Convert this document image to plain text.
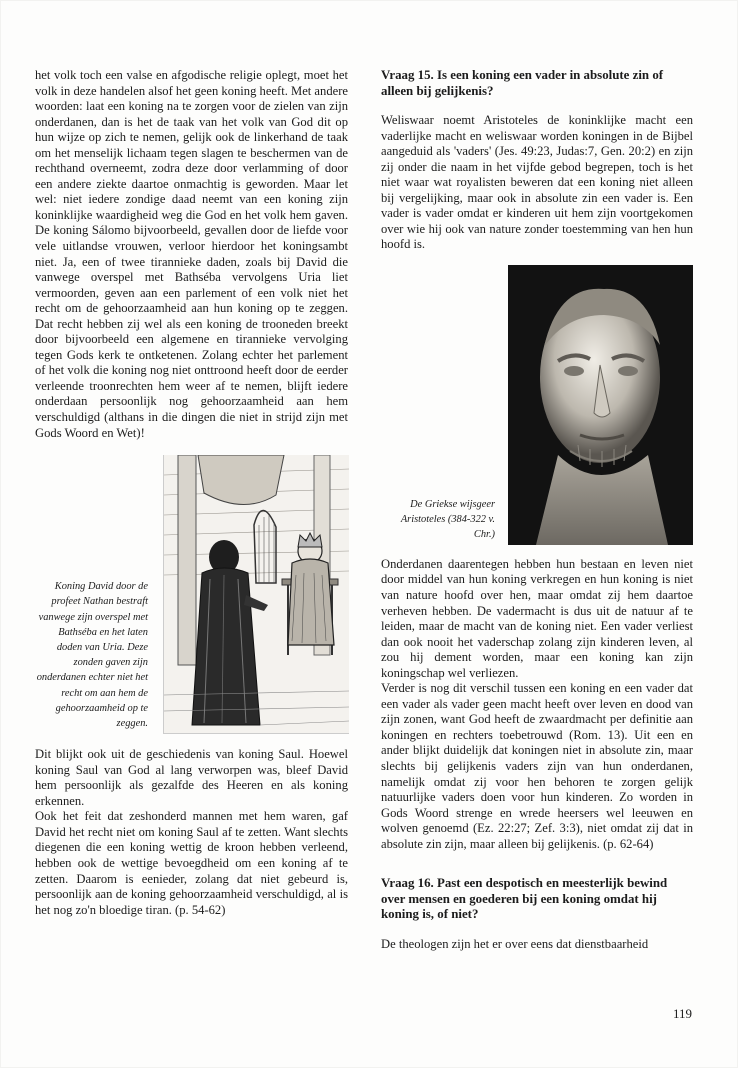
het volk toch een valse en afgodische religie oplegt, moet het volk in deze handelen alsof het geen koning heeft. Met andere woorden: laat een koning na te zorgen voor de zielen van zijn onderdanen, dan is het de taak van het volk van God dit op hun wijze op zich te nemen, gelijk ook de linkerhand de taak om het menselijk lichaam tegen slagen te beschermen van de rechthand overneemt, zodra deze door verlamming of door een andere ziekte daartoe onmachtig is geworden. Maar let wel: niet iedere zondige daad neemt van een koning zijn koninklijke waardigheid weg die God en het volk hem gaven. De koning Sálomo bijvoorbeeld, gevallen door de liefde voor vele uitlandse vrouwen, verloor hierdoor het koningsambt niet. Ja, een of twee tirannieke daden, zoals bij David die vanwege overspel met Bathséba vervolgens Uria liet vermoorden, geven aan een parlement of een volk niet het recht om de gehoorzaamheid aan hun koning op te zeggen. Dat recht hebben zij wel als een koning de trooneden breekt door bijvoorbeeld een algemene en tirannieke vervolging tegen Gods kerk te ontketenen. Zolang echter het parlement of het volk die koning nog niet onttroond heeft door de eerder verleende troonrechten hem weer af te nemen, blijft iedere onderdaan persoonlijk nog gehoorzaamheid aan hem verschuldigd (althans in die dingen die niet in strijd zijn met Gods Woord en Wet)!

Koning David door de profeet Nathan bestraft vanwege zijn overspel met Bathséba en het laten doden van Uria. Deze zonden gaven zijn onderdanen echter niet het recht om aan hem de gehoorzaamheid op te zeggen.

Dit blijkt ook uit de geschiedenis van koning Saul. Hoewel koning Saul van God al lang verworpen was, bleef David hem persoonlijk als gezalfde des Heeren en als koning erkennen.

Ook het feit dat zeshonderd mannen met hem waren, gaf David het recht niet om koning Saul af te zetten. Want slechts diegenen die een koning wettig de kroon hebben verleend, hebben ook de wettige bevoegdheid om een koning af te zetten. Daarom is eenieder, zolang dat niet gebeurd is, persoonlijk aan de koning gehoorzaamheid verschuldigd, al is het nog zo'n bloedige tiran. (p. 54-62)

Vraag 15. Is een koning een vader in absolute zin of alleen bij gelijkenis?

Weliswaar noemt Aristoteles de koninklijke macht een vaderlijke macht en weliswaar worden koningen in de Bijbel aangeduid als 'vaders' (Jes. 49:23, Judas:7, Gen. 20:2) en zijn zij onder die naam in het vijfde gebod begrepen, toch is het niet waar wat royalisten beweren dat een koning niet alleen bij vergelijking, maar ook in absolute zin een vader is. Een vader is vader omdat er kinderen uit hem zijn voortgekomen over wie hij ook van nature zonder toestemming van hen hun hoofd is.

De Griekse wijsgeer Aristoteles (384-322 v. Chr.)

Onderdanen daarentegen hebben hun bestaan en leven niet door middel van hun koning verkregen en hun koning is niet van nature hoofd over hen, maar omdat zij hem daartoe verheven hebben. De vadermacht is dus uit de natuur af te leiden, maar de macht van de koning niet. Een vader verliest dan ook nooit het vaderschap zolang zijn kinderen leven, al zou hij dement worden, maar een koning kan zijn koningschap wel verliezen.

Verder is nog dit verschil tussen een koning en een vader dat een vader als vader geen macht heeft over leven en dood van zijn zonen, want God heeft de zwaardmacht per definitie aan koningen en rechters toebetrouwd (Rom. 13). Uit een en ander blijkt duidelijk dat koningen niet in absolute zin, maar slechts bij gelijkenis vaders zijn van hun onderdanen, namelijk omdat zij voor hen behoren te zorgen gelijk natuurlijke vaders doen voor hun kinderen. Zo worden in Gods Woord strenge en wrede heersers wel leeuwen en wolven genoemd (Ez. 22:27; Zef. 3:3), niet omdat zij dat in absolute zin zijn, maar alleen bij gelijkenis. (p. 62-64)

Vraag 16. Past een despotisch en meesterlijk bewind over mensen en goederen bij een koning omdat hij koning is, of niet?

De theologen zijn het er over eens dat dienstbaarheid

119
